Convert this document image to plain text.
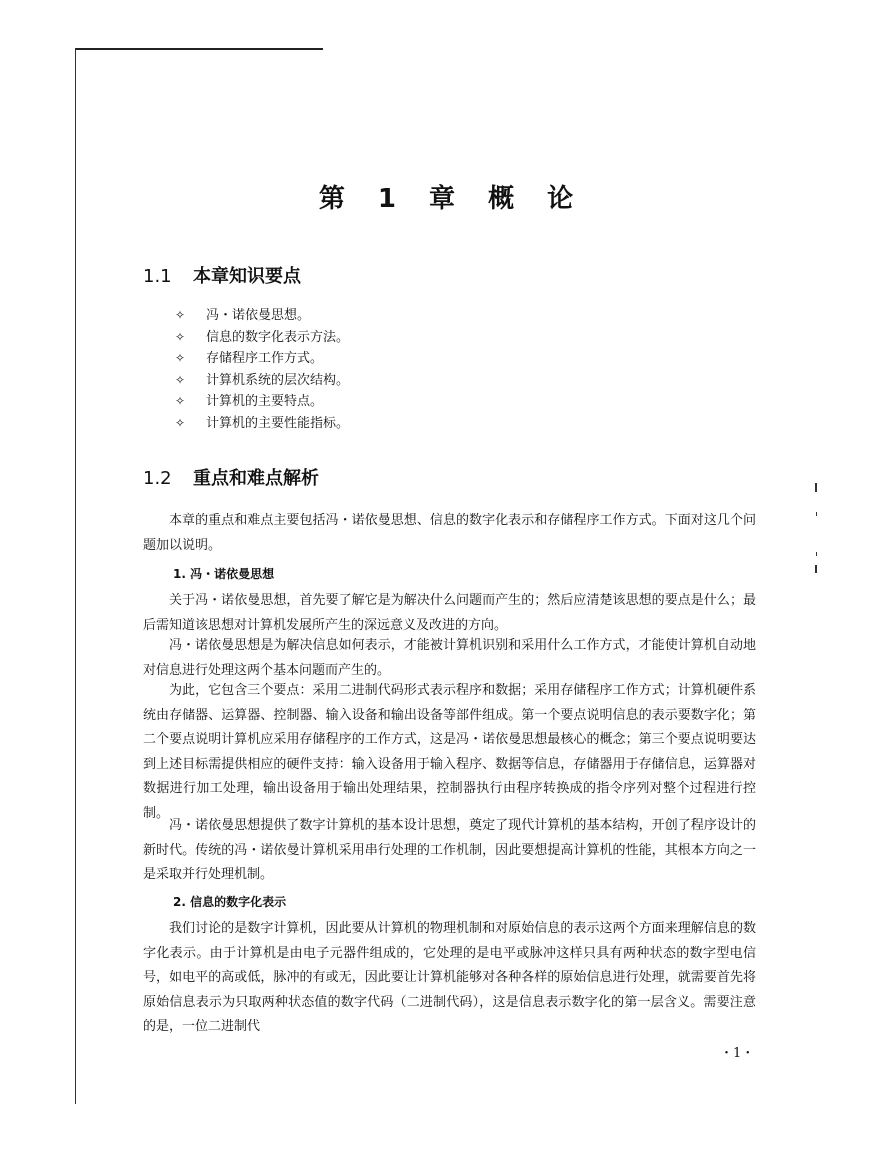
第 1 章 概 论
1.1 本章知识要点
✧ 冯・诺依曼思想。
✧ 信息的数字化表示方法。
✧ 存储程序工作方式。
✧ 计算机系统的层次结构。
✧ 计算机的主要特点。
✧ 计算机的主要性能指标。
1.2 重点和难点解析

本章的重点和难点主要包括冯・诺依曼思想、信息的数字化表示和存储程序工作方式。下面对这几个问题加以说明。

1. 冯・诺依曼思想

关于冯・诺依曼思想，首先要了解它是为解决什么问题而产生的；然后应清楚该思想的要点是什么；最后需知道该思想对计算机发展所产生的深远意义及改进的方向。

冯・诺依曼思想是为解决信息如何表示，才能被计算机识别和采用什么工作方式，才能使计算机自动地对信息进行处理这两个基本问题而产生的。

为此，它包含三个要点：采用二进制代码形式表示程序和数据；采用存储程序工作方式；计算机硬件系统由存储器、运算器、控制器、输入设备和输出设备等部件组成。第一个要点说明信息的表示要数字化；第二个要点说明计算机应采用存储程序的工作方式，这是冯・诺依曼思想最核心的概念；第三个要点说明要达到上述目标需提供相应的硬件支持：输入设备用于输入程序、数据等信息，存储器用于存储信息，运算器对数据进行加工处理，输出设备用于输出处理结果，控制器执行由程序转换成的指令序列对整个过程进行控制。

冯・诺依曼思想提供了数字计算机的基本设计思想，奠定了现代计算机的基本结构，开创了程序设计的新时代。传统的冯・诺依曼计算机采用串行处理的工作机制，因此要想提高计算机的性能，其根本方向之一是采取并行处理机制。

2. 信息的数字化表示

我们讨论的是数字计算机，因此要从计算机的物理机制和对原始信息的表示这两个方面来理解信息的数字化表示。由于计算机是由电子元器件组成的，它处理的是电平或脉冲这样只具有两种状态的数字型电信号，如电平的高或低，脉冲的有或无，因此要让计算机能够对各种各样的原始信息进行处理，就需要首先将原始信息表示为只取两种状态值的数字代码（二进制代码），这是信息表示数字化的第一层含义。需要注意的是，一位二进制代

・1・
